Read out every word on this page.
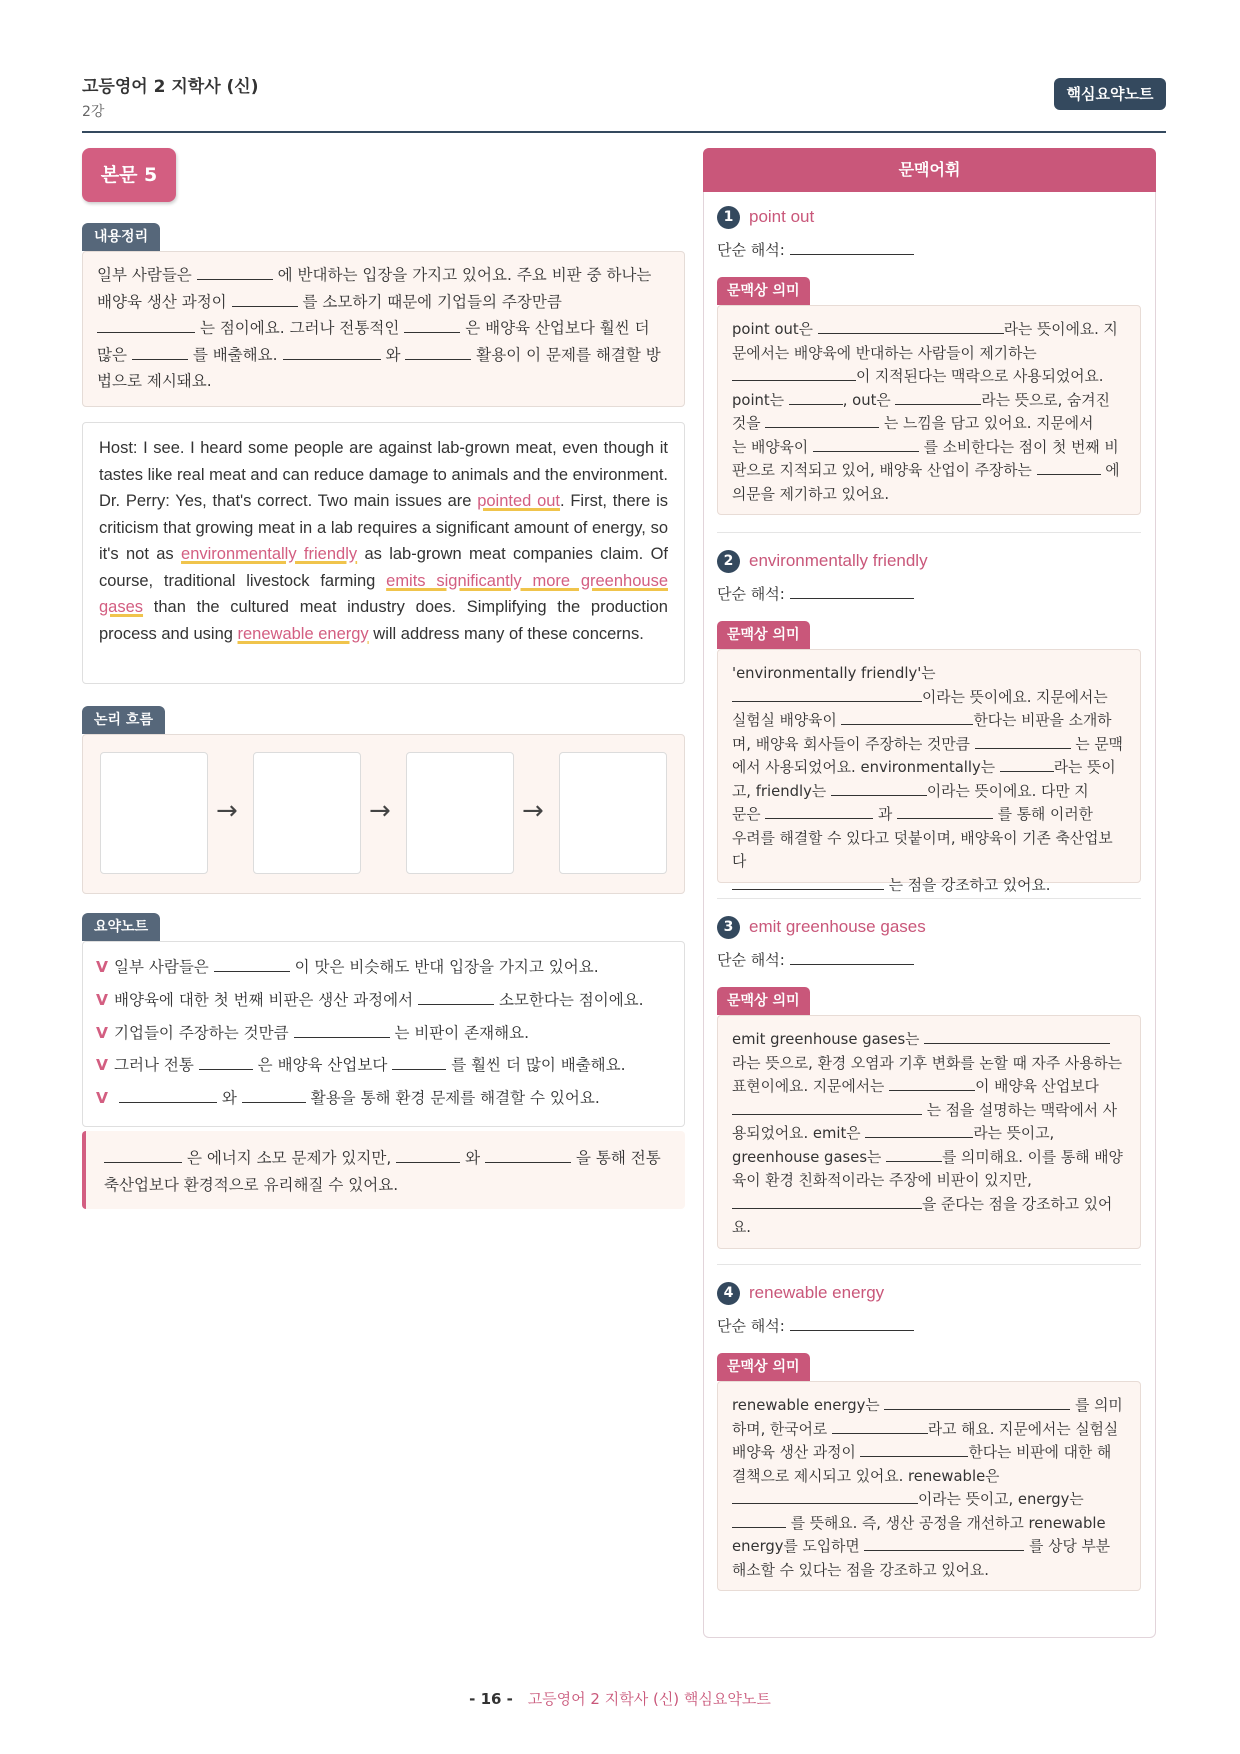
고등영어 2 지학사 (신)
2강
핵심요약노트
본문 5
내용정리
일부 사람들은	에 반대하는 입장을 가지고 있어요. 주요 비판 중 하나는
배양육 생산 과정이	를 소모하기 때문에 기업들의 주장만큼
는 점이에요. 그러나 전통적인	은 배양육 산업보다 훨씬 더
많은	를 배출해요.	와	활용이 이 문제를 해결할 방
법으로 제시돼요.
Host: I see. I heard some people are against lab-grown meat, even though it tastes like real meat and can reduce damage to animals and the environment. Dr. Perry: Yes, that's correct. Two main issues are pointed out. First, there is criticism that growing meat in a lab requires a significant amount of energy, so it's not as environmentally friendly as lab-grown meat companies claim. Of course, traditional livestock farming emits significantly more greenhouse gases than the cultured meat industry does. Simplifying the production process and using renewable energy will address many of these concerns.
논리 흐름
→	→	→
요약노트
V 일부 사람들은	이 맛은 비슷해도 반대 입장을 가지고 있어요.
V 배양육에 대한 첫 번째 비판은 생산 과정에서	소모한다는 점이에요.
V 기업들이 주장하는 것만큼	는 비판이 존재해요.
V 그러나 전통	은 배양육 산업보다	를 훨씬 더 많이 배출해요.
V	와	활용을 통해 환경 문제를 해결할 수 있어요.
은 에너지 소모 문제가 있지만,	와	을 통해 전통
축산업보다 환경적으로 유리해질 수 있어요.
문맥어휘
1 point out
단순 해석:
문맥상 의미
point out은	라는 뜻이에요. 지
문에서는 배양육에 반대하는 사람들이 제기하는
이 지적된다는 맥락으로 사용되었어요.
point는	, out은	라는 뜻으로, 숨겨진
것을	는 느낌을 담고 있어요. 지문에서
는 배양육이	를 소비한다는 점이 첫 번째 비
판으로 지적되고 있어, 배양육 산업이 주장하는	에
의문을 제기하고 있어요.
2 environmentally friendly
단순 해석:
문맥상 의미
'environmentally friendly'는
이라는 뜻이에요. 지문에서는
실험실 배양육이	한다는 비판을 소개하
며, 배양육 회사들이 주장하는 것만큼	는 문맥
에서 사용되었어요. environmentally는	라는 뜻이
고, friendly는	이라는 뜻이에요. 다만 지
문은	과	를 통해 이러한
우려를 해결할 수 있다고 덧붙이며, 배양육이 기존 축산업보다
는 점을 강조하고 있어요.
3 emit greenhouse gases
단순 해석:
문맥상 의미
emit greenhouse gases는
라는 뜻으로, 환경 오염과 기후 변화를 논할 때 자주 사용하는
표현이에요. 지문에서는	이 배양육 산업보다
는 점을 설명하는 맥락에서 사
용되었어요. emit은	라는 뜻이고,
greenhouse gases는	를 의미해요. 이를 통해 배양
육이 환경 친화적이라는 주장에 비판이 있지만,
을 준다는 점을 강조하고 있어
요.
4 renewable energy
단순 해석:
문맥상 의미
renewable energy는	를 의미
하며, 한국어로	라고 해요. 지문에서는 실험실
배양육 생산 과정이	한다는 비판에 대한 해
결책으로 제시되고 있어요. renewable은
이라는 뜻이고, energy는
를 뜻해요. 즉, 생산 공정을 개선하고 renewable
energy를 도입하면	를 상당 부분
해소할 수 있다는 점을 강조하고 있어요.
- 16 - 고등영어 2 지학사 (신) 핵심요약노트
